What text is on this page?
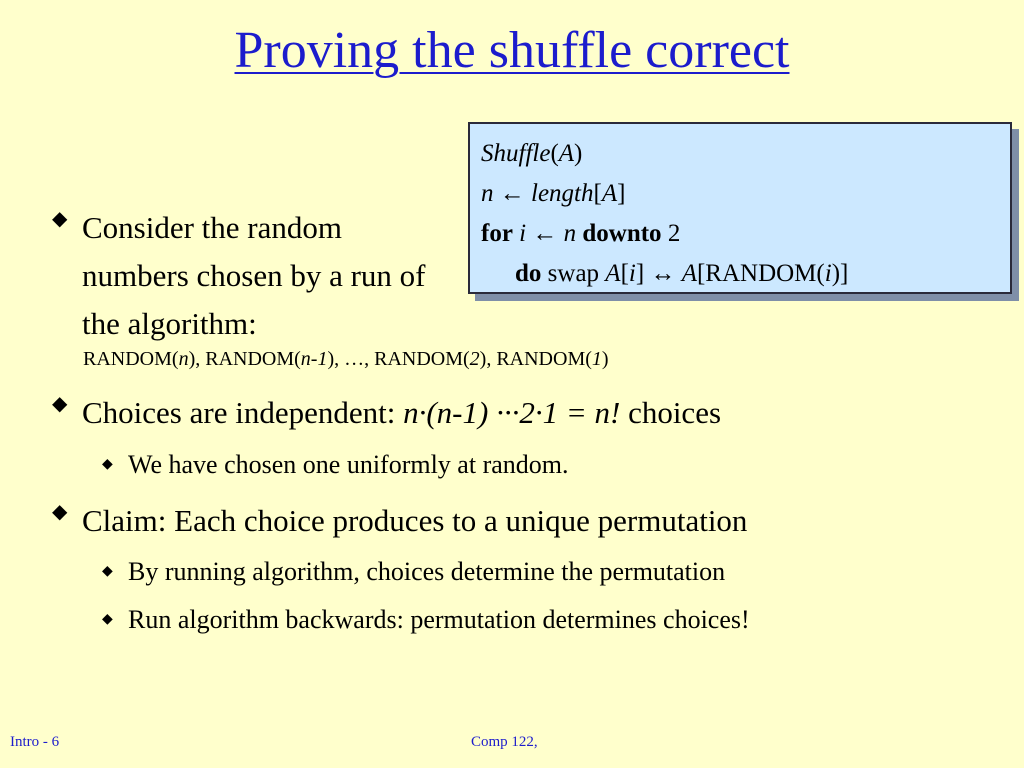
Proving the shuffle correct
◆ Consider the random numbers chosen by a run of the algorithm:
RANDOM(n), RANDOM(n-1), …, RANDOM(2), RANDOM(1)
Shuffle(A)
n ← length[A]
for i ← n downto 2
do swap A[i] ↔ A[RANDOM(i)]
◆ Choices are independent: n·(n-1) ···2·1 = n! choices
◆ We have chosen one uniformly at random.
◆ Claim: Each choice produces to a unique permutation
◆ By running algorithm, choices determine the permutation
◆ Run algorithm backwards: permutation determines choices!
Intro - 6	Comp 122,
